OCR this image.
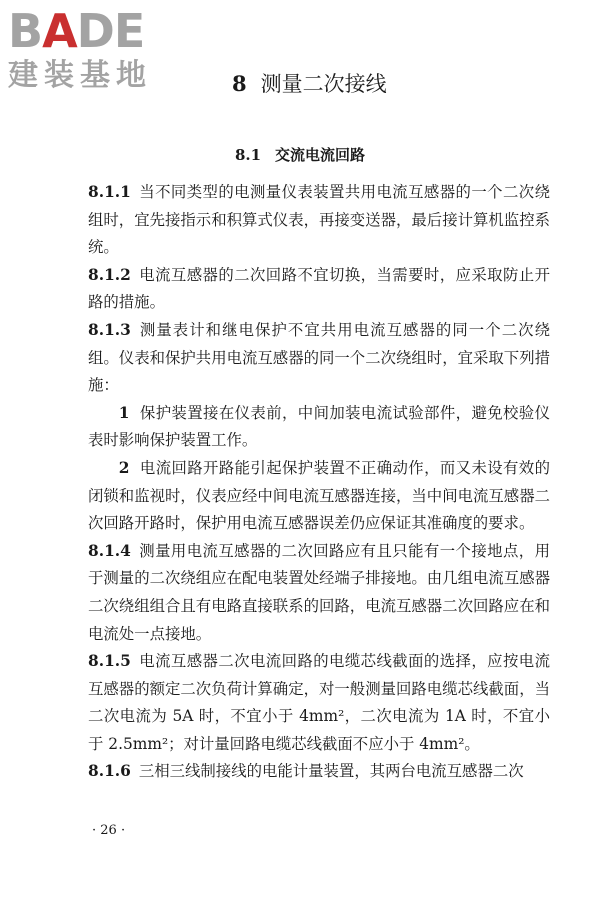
BADE
建装基地	8 测量二次接线
8.1 交流电流回路

8.1.1 当不同类型的电测量仪表装置共用电流互感器的一个二次绕组时，宜先接指示和积算式仪表，再接变送器，最后接计算机监控系统。

8.1.2 电流互感器的二次回路不宜切换，当需要时，应采取防止开路的措施。

8.1.3 测量表计和继电保护不宜共用电流互感器的同一个二次绕组。仪表和保护共用电流互感器的同一个二次绕组时，宜采取下列措施：

1 保护装置接在仪表前，中间加装电流试验部件，避免校验仪表时影响保护装置工作。

2 电流回路开路能引起保护装置不正确动作，而又未设有效的闭锁和监视时，仪表应经中间电流互感器连接，当中间电流互感器二次回路开路时，保护用电流互感器误差仍应保证其准确度的要求。

8.1.4 测量用电流互感器的二次回路应有且只能有一个接地点，用于测量的二次绕组应在配电装置处经端子排接地。由几组电流互感器二次绕组组合且有电路直接联系的回路，电流互感器二次回路应在和电流处一点接地。

8.1.5 电流互感器二次电流回路的电缆芯线截面的选择，应按电流互感器的额定二次负荷计算确定，对一般测量回路电缆芯线截面，当二次电流为 5A 时，不宜小于 4mm²，二次电流为 1A 时，不宜小于 2.5mm²；对计量回路电缆芯线截面不应小于 4mm²。

8.1.6 三相三线制接线的电能计量装置，其两台电流互感器二次

· 26 ·
